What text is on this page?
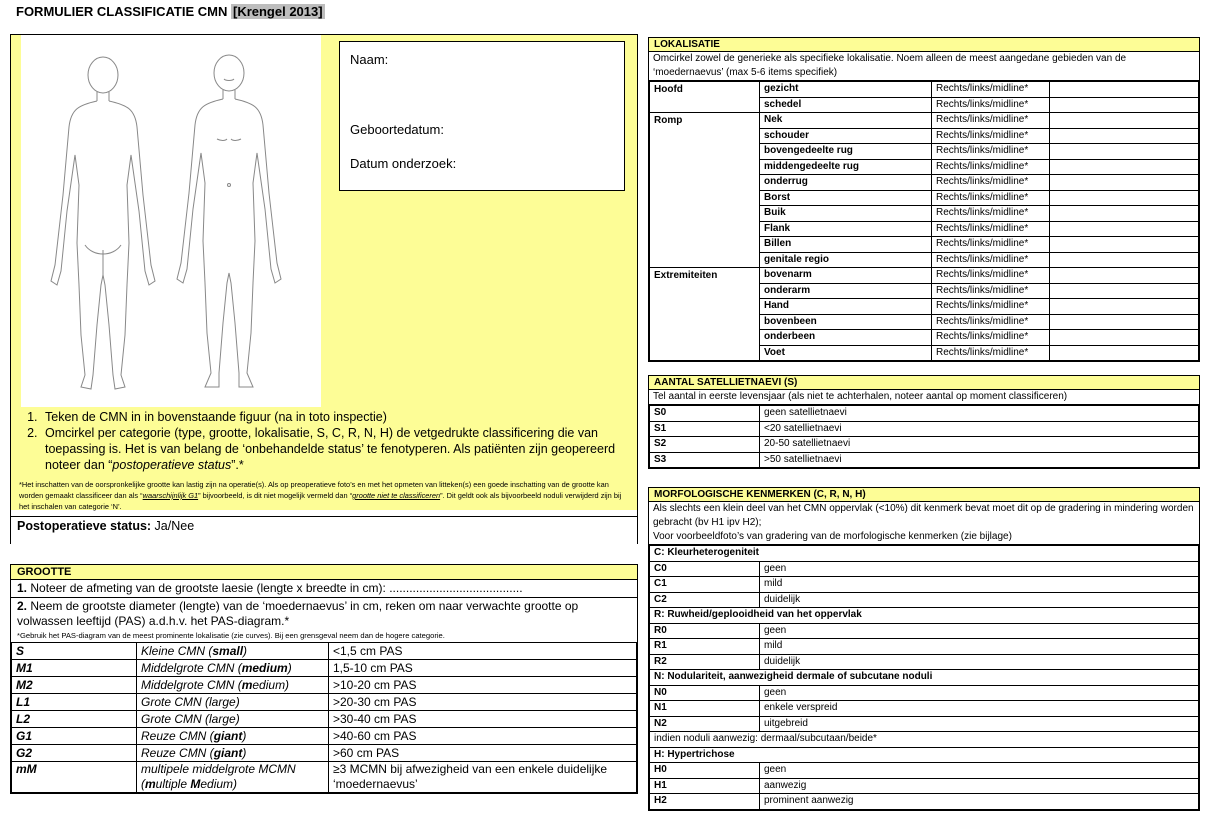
FORMULIER CLASSIFICATIE CMN [Krengel 2013]
Naam:
Geboortedatum:
Datum onderzoek:
1. Teken de CMN in in bovenstaande figuur (na in toto inspectie)
2. Omcirkel per categorie (type, grootte, lokalisatie, S, C, R, N, H) de vetgedrukte classificering die van toepassing is. Het is van belang de ‘onbehandelde status’ te fenotyperen. Als patiënten zijn geopereerd noteer dan “postoperatieve status”.*
*Het inschatten van de oorspronkelijke grootte kan lastig zijn na operatie(s). Als op preoperatieve foto’s en met het opmeten van litteken(s) een goede inschatting van de grootte kan worden gemaakt classificeer dan als “waarschijnlijk G1” bijvoorbeeld, is dit niet mogelijk vermeld dan “grootte niet te classificeren”. Dit geldt ook als bijvoorbeeld noduli verwijderd zijn bij het inschalen van categorie ‘N’.
Postoperatieve status: Ja/Nee
GROOTTE
1. Noteer de afmeting van de grootste laesie (lengte x breedte in cm): ........................................
2. Neem de grootste diameter (lengte) van de ‘moedernaevus’ in cm, reken om naar verwachte grootte op volwassen leeftijd (PAS) a.d.h.v. het PAS-diagram.*
*Gebruik het PAS-diagram van de meest prominente lokalisatie (zie curves). Bij een grensgeval neem dan de hogere categorie.
S	Kleine CMN (small)	<1,5 cm PAS
M1	Middelgrote CMN (medium)	1,5-10 cm PAS
M2	Middelgrote CMN (medium)	>10-20 cm PAS
L1	Grote CMN (large)	>20-30 cm PAS
L2	Grote CMN (large)	>30-40 cm PAS
G1	Reuze CMN (giant)	>40-60 cm PAS
G2	Reuze CMN (giant)	>60 cm PAS
mM	multipele middelgrote MCMN (multiple Medium)	≥3 MCMN bij afwezigheid van een enkele duidelijke ‘moedernaevus’
LOKALISATIE
Omcirkel zowel de generieke als specifieke lokalisatie. Noem alleen de meest aangedane gebieden van de ‘moedernaevus’ (max 5-6 items specifiek)
Hoofd	gezicht	Rechts/links/midline*	
	schedel	Rechts/links/midline*	
Romp	Nek	Rechts/links/midline*	
	schouder	Rechts/links/midline*	
	bovengedeelte rug	Rechts/links/midline*	
	middengedeelte rug	Rechts/links/midline*	
	onderrug	Rechts/links/midline*	
	Borst	Rechts/links/midline*	
	Buik	Rechts/links/midline*	
	Flank	Rechts/links/midline*	
	Billen	Rechts/links/midline*	
	genitale regio	Rechts/links/midline*	
Extremiteiten	bovenarm	Rechts/links/midline*	
	onderarm	Rechts/links/midline*	
	Hand	Rechts/links/midline*	
	bovenbeen	Rechts/links/midline*	
	onderbeen	Rechts/links/midline*	
	Voet	Rechts/links/midline*	
AANTAL SATELLIETNAEVI (S)
Tel aantal in eerste levensjaar (als niet te achterhalen, noteer aantal op moment classificeren)
S0	geen satellietnaevi
S1	<20 satellietnaevi
S2	20-50 satellietnaevi
S3	>50 satellietnaevi
MORFOLOGISCHE KENMERKEN (C, R, N, H)
Als slechts een klein deel van het CMN oppervlak (<10%) dit kenmerk bevat moet dit op de gradering in mindering worden gebracht (bv H1 ipv H2);
Voor voorbeeldfoto’s van gradering van de morfologische kenmerken (zie bijlage)
C: Kleurheterogeniteit	
C0	geen
C1	mild
C2	duidelijk
R: Ruwheid/geplooidheid van het oppervlak	
R0	geen
R1	mild
R2	duidelijk
N: Nodulariteit, aanwezigheid dermale of subcutane noduli	
N0	geen
N1	enkele verspreid
N2	uitgebreid
indien noduli aanwezig: dermaal/subcutaan/beide*	
H: Hypertrichose	
H0	geen
H1	aanwezig
H2	prominent aanwezig
